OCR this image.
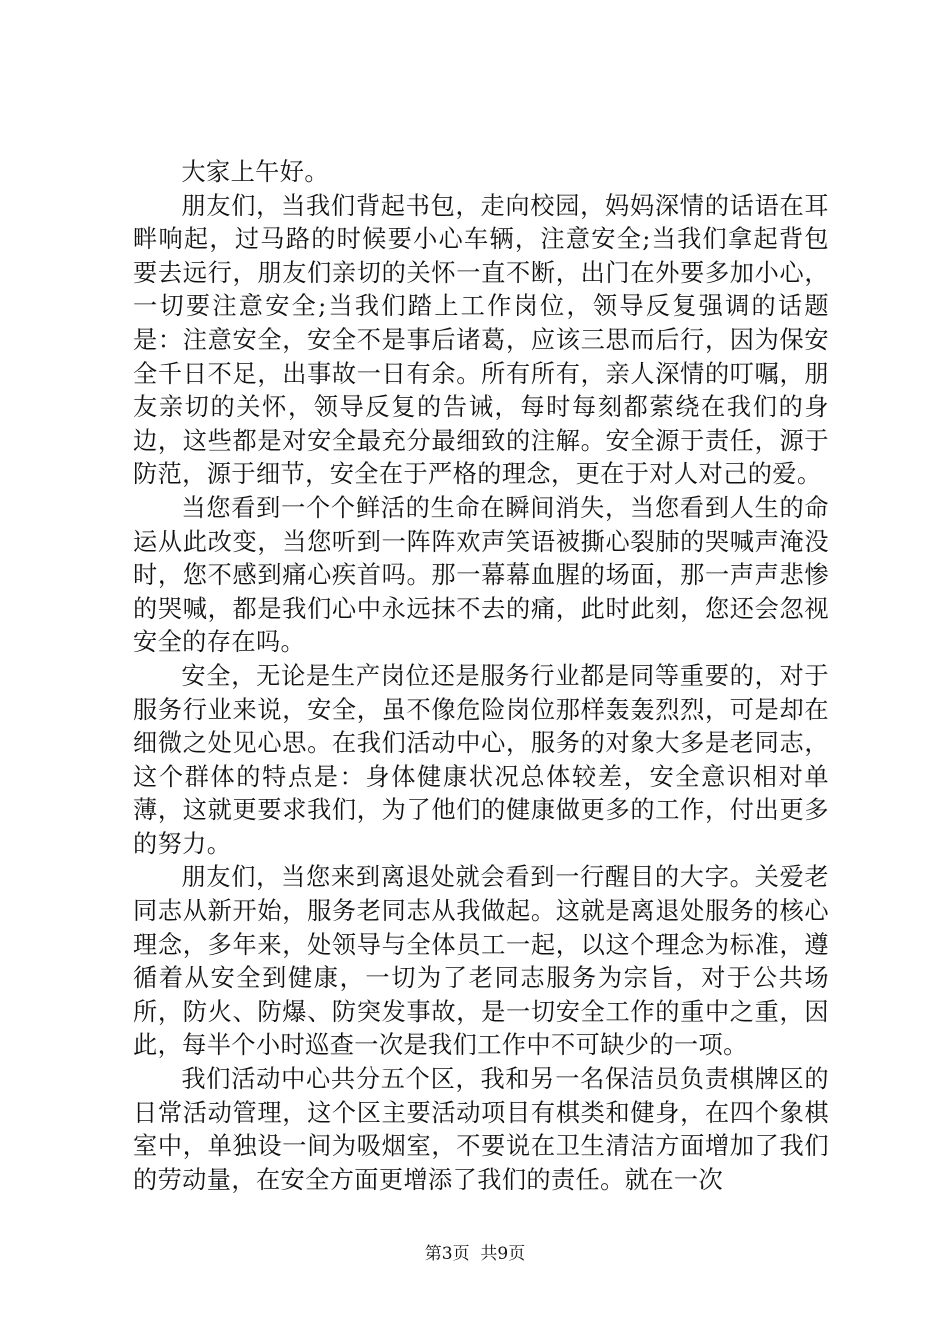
大家上午好。

朋友们，当我们背起书包，走向校园，妈妈深情的话语在耳畔响起，过马路的时候要小心车辆，注意安全;当我们拿起背包要去远行，朋友们亲切的关怀一直不断，出门在外要多加小心，一切要注意安全;当我们踏上工作岗位，领导反复强调的话题是：注意安全，安全不是事后诸葛，应该三思而后行，因为保安全千日不足，出事故一日有余。所有所有，亲人深情的叮嘱，朋友亲切的关怀，领导反复的告诫，每时每刻都萦绕在我们的身边，这些都是对安全最充分最细致的注解。安全源于责任，源于防范，源于细节，安全在于严格的理念，更在于对人对己的爱。

当您看到一个个鲜活的生命在瞬间消失，当您看到人生的命运从此改变，当您听到一阵阵欢声笑语被撕心裂肺的哭喊声淹没时，您不感到痛心疾首吗。那一幕幕血腥的场面，那一声声悲惨的哭喊，都是我们心中永远抹不去的痛，此时此刻，您还会忽视安全的存在吗。

安全，无论是生产岗位还是服务行业都是同等重要的，对于服务行业来说，安全，虽不像危险岗位那样轰轰烈烈，可是却在细微之处见心思。在我们活动中心，服务的对象大多是老同志，这个群体的特点是：身体健康状况总体较差，安全意识相对单薄，这就更要求我们，为了他们的健康做更多的工作，付出更多的努力。

朋友们，当您来到离退处就会看到一行醒目的大字。关爱老同志从新开始，服务老同志从我做起。这就是离退处服务的核心理念，多年来，处领导与全体员工一起，以这个理念为标准，遵循着从安全到健康，一切为了老同志服务为宗旨，对于公共场所，防火、防爆、防突发事故，是一切安全工作的重中之重，因此，每半个小时巡查一次是我们工作中不可缺少的一项。

我们活动中心共分五个区，我和另一名保洁员负责棋牌区的日常活动管理，这个区主要活动项目有棋类和健身，在四个象棋室中，单独设一间为吸烟室，不要说在卫生清洁方面增加了我们的劳动量，在安全方面更增添了我们的责任。就在一次

第3页 共9页
